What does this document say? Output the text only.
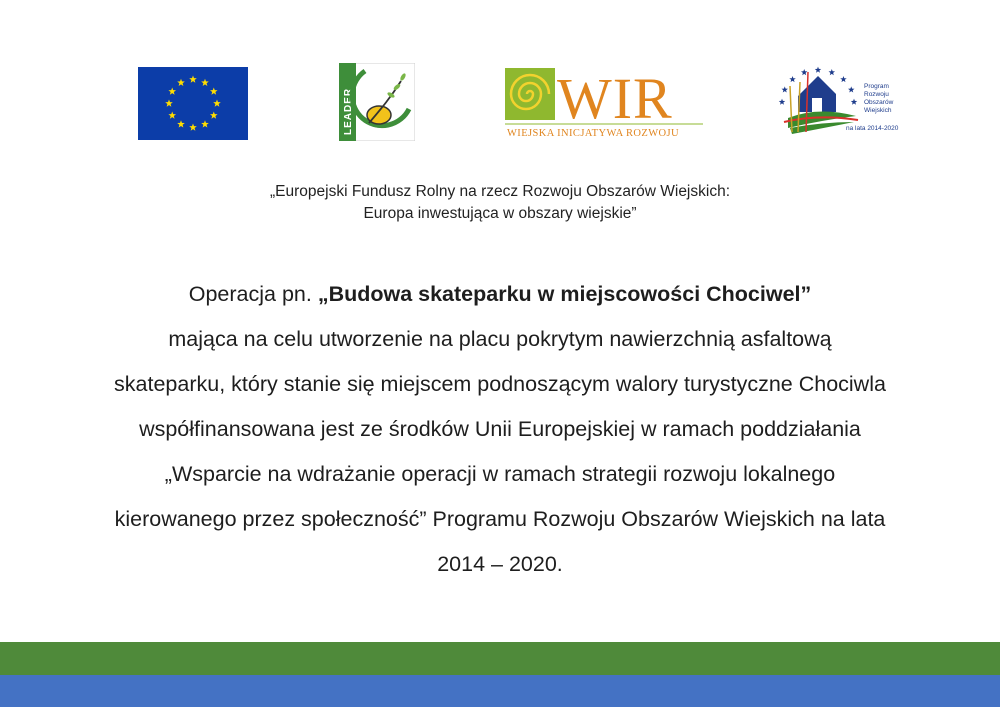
LEADER	WIR
WIEJSKA INICJATYWA ROZWOJU
Program
Rozwoju
Obszarów
Wiejskich
na lata 2014-2020
„Europejski Fundusz Rolny na rzecz Rozwoju Obszarów Wiejskich:
Europa inwestująca w obszary wiejskie”
Operacja pn. „Budowa skateparku w miejscowości Chociwel”
mająca na celu utworzenie na placu pokrytym nawierzchnią asfaltową
skateparku, który stanie się miejscem podnoszącym walory turystyczne Chociwla
współfinansowana jest ze środków Unii Europejskiej w ramach poddziałania
„Wsparcie na wdrażanie operacji w ramach strategii rozwoju lokalnego
kierowanego przez społeczność” Programu Rozwoju Obszarów Wiejskich na lata
2014 – 2020.
